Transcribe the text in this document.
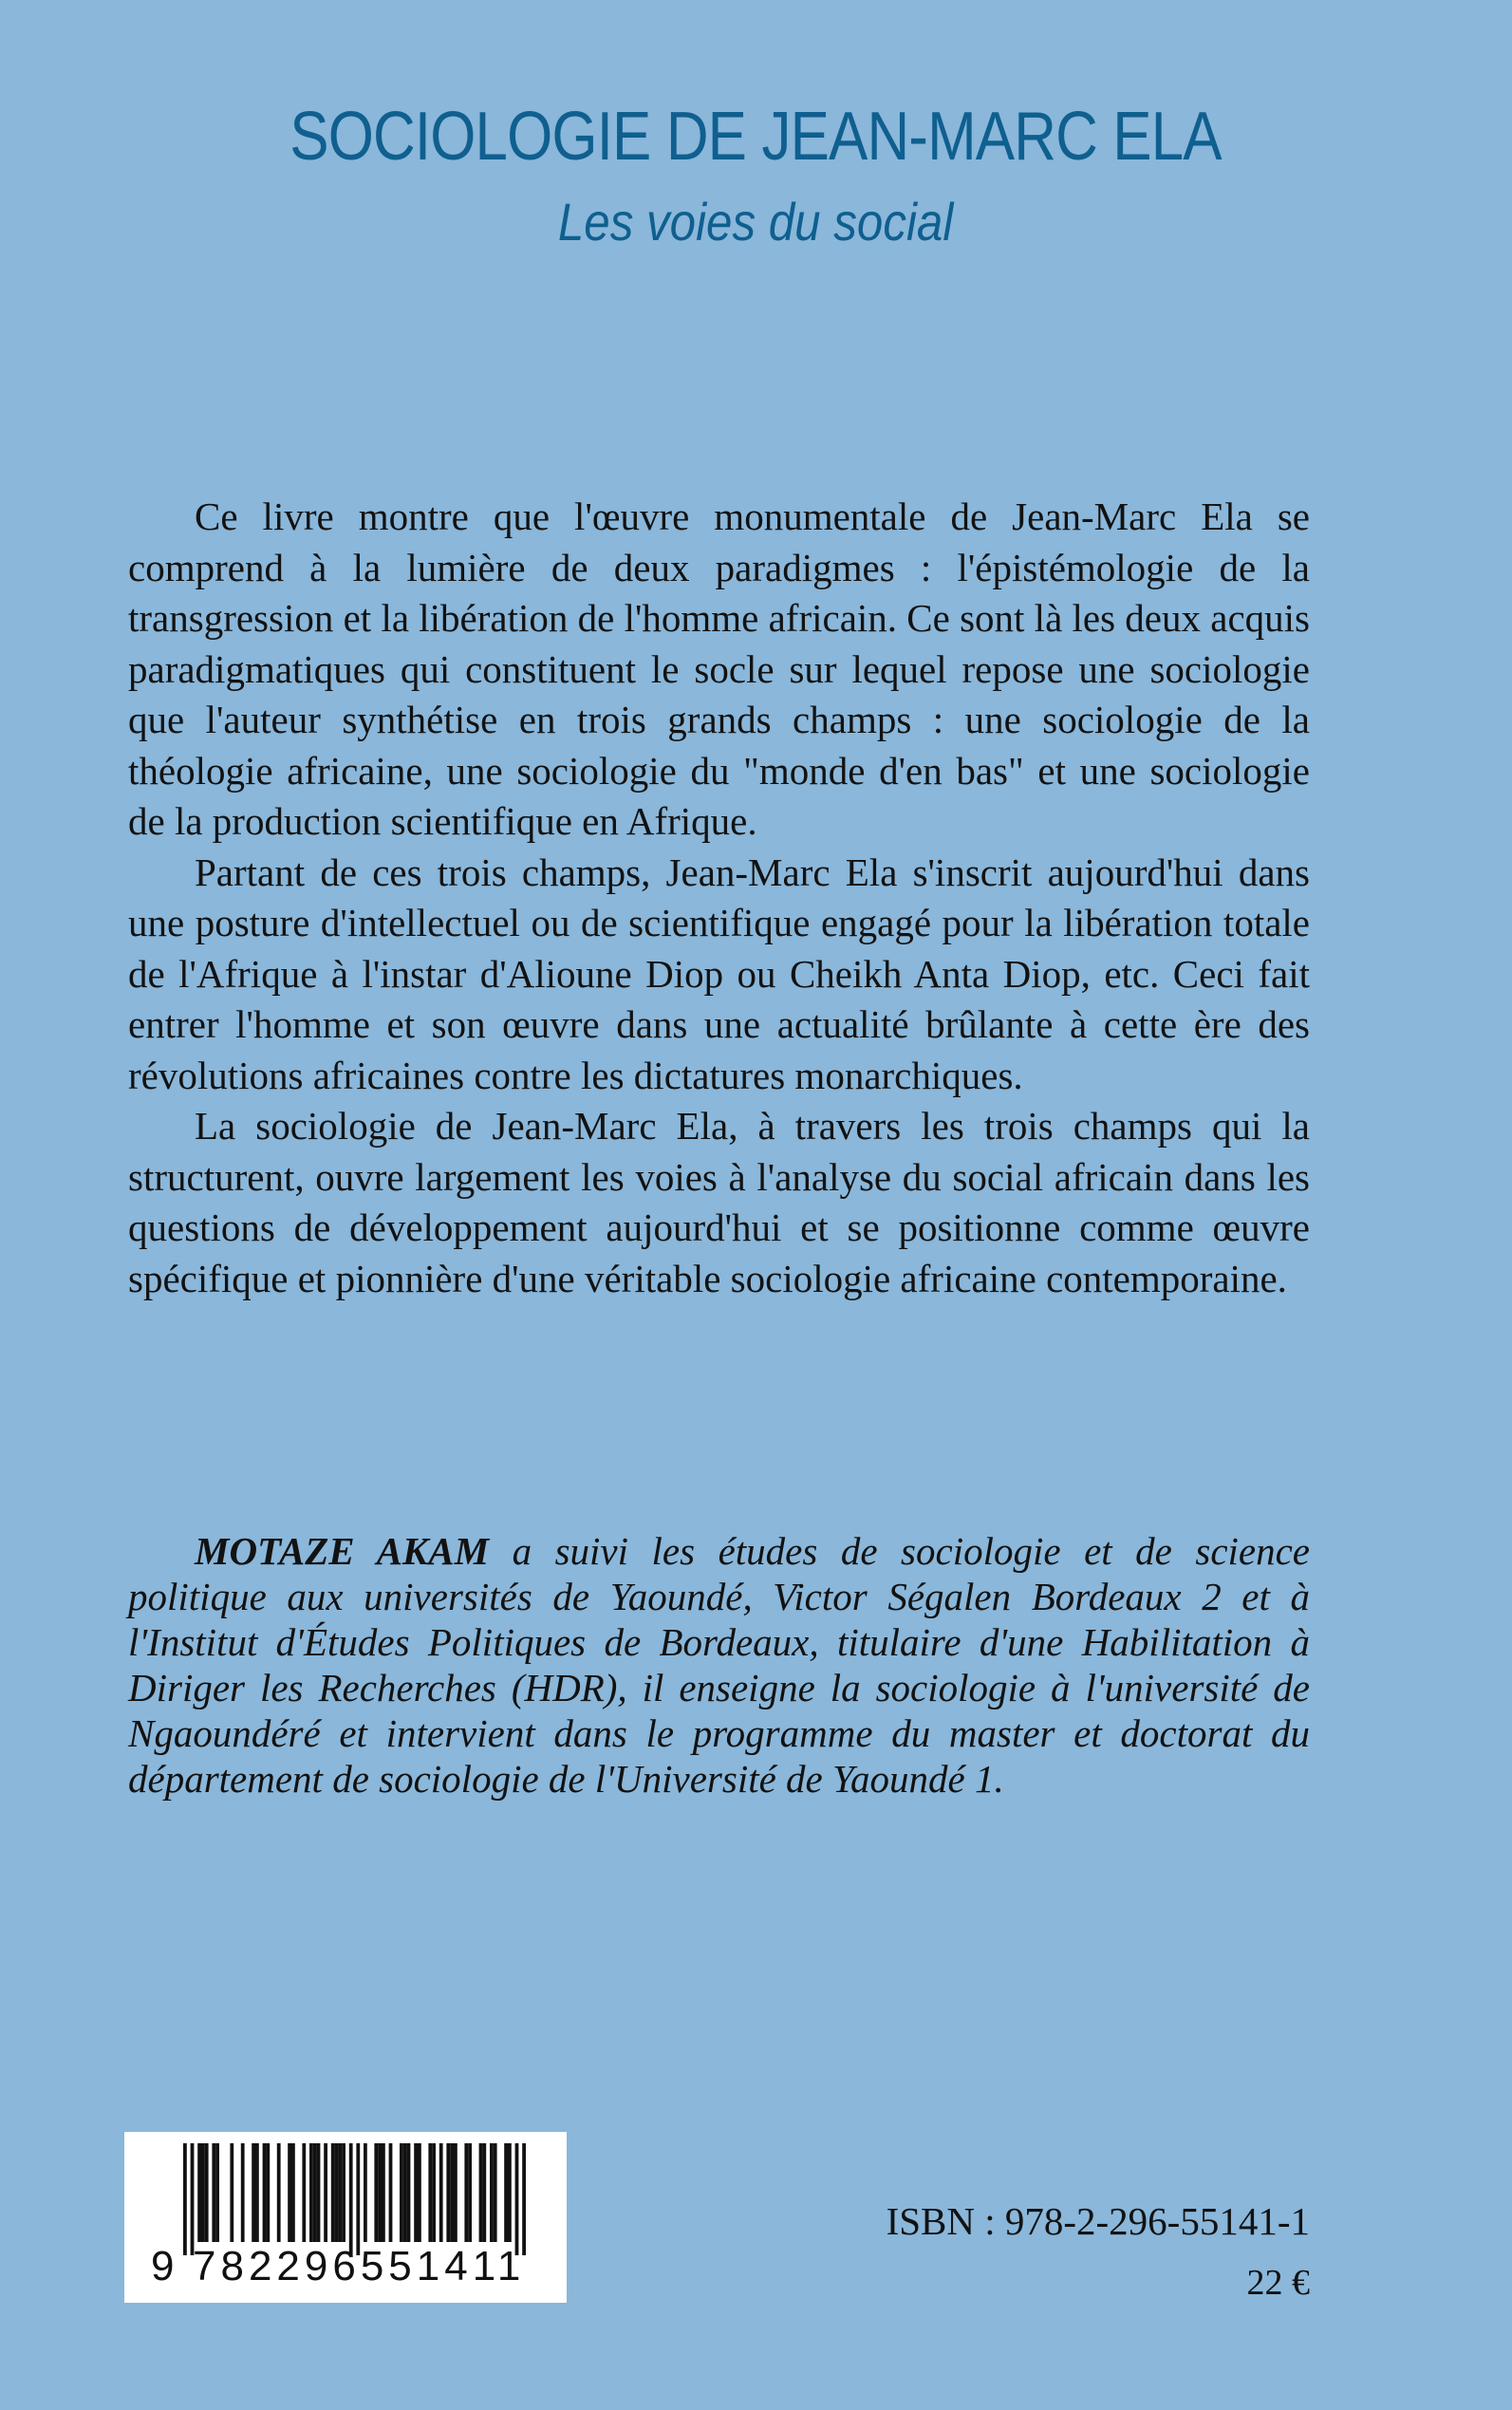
SOCIOLOGIE DE JEAN-MARC ELA
Les voies du social

Ce livre montre que l'œuvre monumentale de Jean-Marc Ela se comprend à la lumière de deux paradigmes : l'épistémologie de la transgression et la libération de l'homme africain. Ce sont là les deux acquis paradigmatiques qui constituent le socle sur lequel repose une sociologie que l'auteur synthétise en trois grands champs : une sociologie de la théologie africaine, une sociologie du "monde d'en bas" et une sociologie de la production scientifique en Afrique.

Partant de ces trois champs, Jean-Marc Ela s'inscrit aujourd'hui dans une posture d'intellectuel ou de scientifique engagé pour la libération totale de l'Afrique à l'instar d'Alioune Diop ou Cheikh Anta Diop, etc. Ceci fait entrer l'homme et son œuvre dans une actualité brûlante à cette ère des révolutions africaines contre les dictatures monarchiques.

La sociologie de Jean-Marc Ela, à travers les trois champs qui la structurent, ouvre largement les voies à l'analyse du social africain dans les questions de développement aujourd'hui et se positionne comme œuvre spécifique et pionnière d'une véritable sociologie africaine contemporaine.

MOTAZE AKAM a suivi les études de sociologie et de science politique aux universités de Yaoundé, Victor Ségalen Bordeaux 2 et à l'Institut d'Études Politiques de Bordeaux, titulaire d'une Habilitation à Diriger les Recherches (HDR), il enseigne la sociologie à l'université de Ngaoundéré et intervient dans le programme du master et doctorat du département de sociologie de l'Université de Yaoundé 1.
9 782296551411
ISBN : 978-2-296-55141-1
22 €
